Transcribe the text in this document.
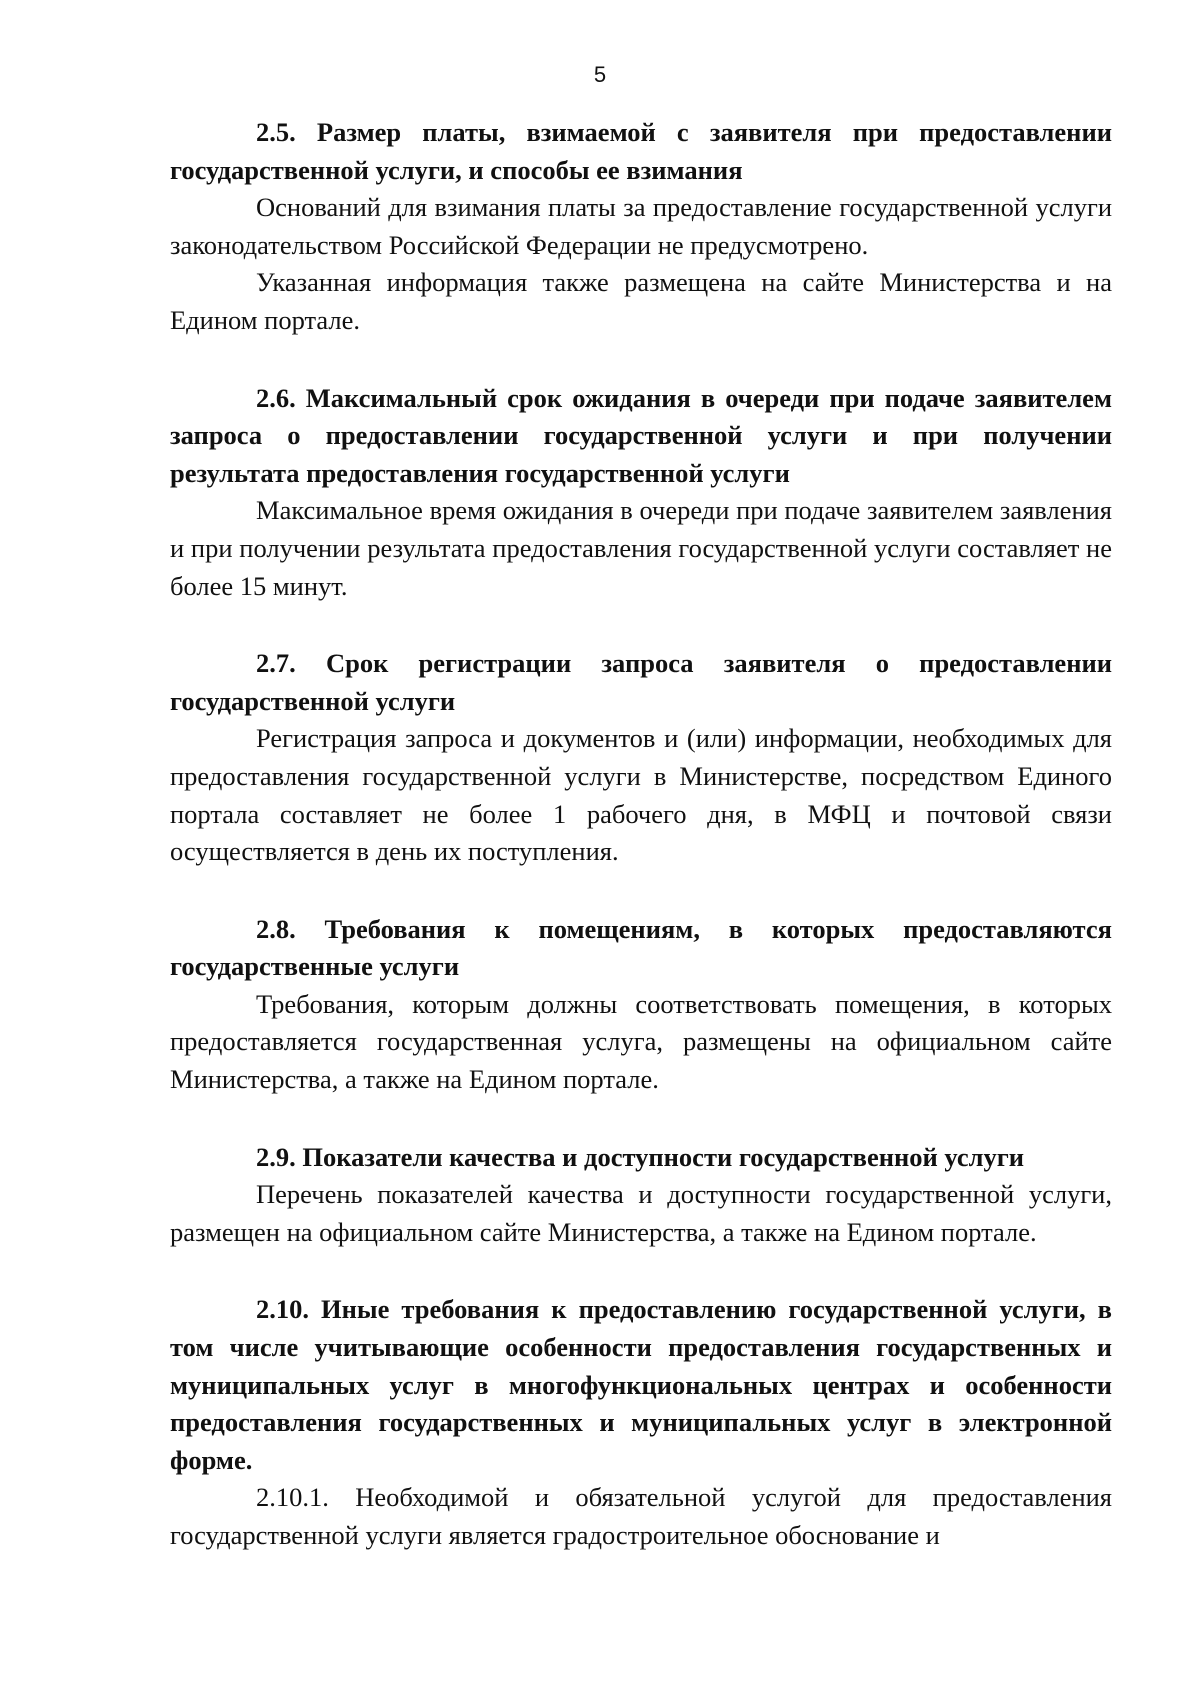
5

2.5. Размер платы, взимаемой с заявителя при предоставлении государственной услуги, и способы ее взимания

Оснований для взимания платы за предоставление государственной услуги законодательством Российской Федерации не предусмотрено.

Указанная информация также размещена на сайте Министерства и на Едином портале.

2.6. Максимальный срок ожидания в очереди при подаче заявителем запроса о предоставлении государственной услуги и при получении результата предоставления государственной услуги

Максимальное время ожидания в очереди при подаче заявителем заявления и при получении результата предоставления государственной услуги составляет не более 15 минут.

2.7. Срок регистрации запроса заявителя о предоставлении государственной услуги

Регистрация запроса и документов и (или) информации, необходимых для предоставления государственной услуги в Министерстве, посредством Единого портала составляет не более 1 рабочего дня, в МФЦ и почтовой связи осуществляется в день их поступления.

2.8. Требования к помещениям, в которых предоставляются государственные услуги

Требования, которым должны соответствовать помещения, в которых предоставляется государственная услуга, размещены на официальном сайте Министерства, а также на Едином портале.

2.9. Показатели качества и доступности государственной услуги

Перечень показателей качества и доступности государственной услуги, размещен на официальном сайте Министерства, а также на Едином портале.

2.10. Иные требования к предоставлению государственной услуги, в том числе учитывающие особенности предоставления государственных и муниципальных услуг в многофункциональных центрах и особенности предоставления государственных и муниципальных услуг в электронной форме.

2.10.1. Необходимой и обязательной услугой для предоставления государственной услуги является градостроительное обоснование и
